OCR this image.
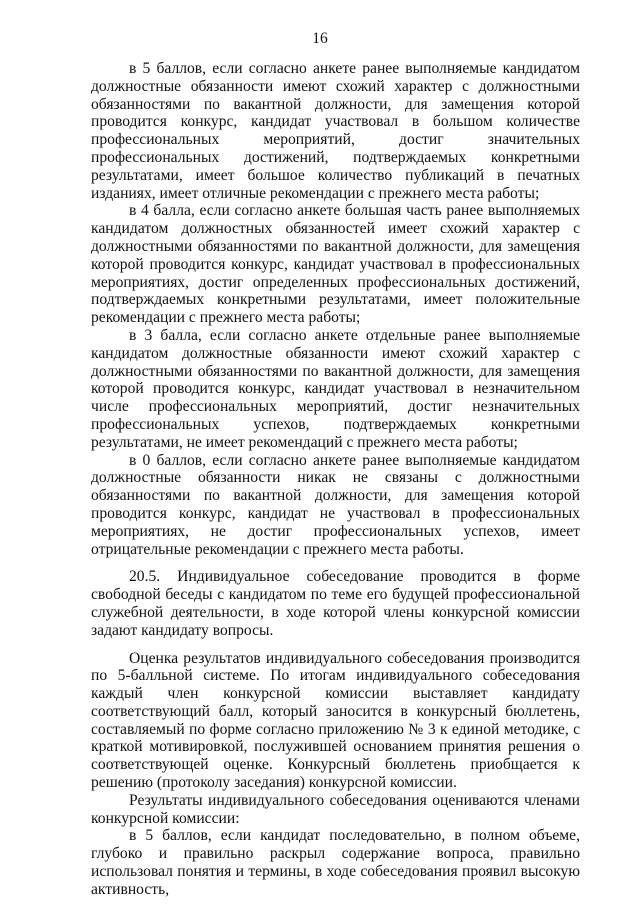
16

в 5 баллов, если согласно анкете ранее выполняемые кандидатом должностные обязанности имеют схожий характер с должностными обязанностями по вакантной должности, для замещения которой проводится конкурс, кандидат участвовал в большом количестве профессиональных мероприятий, достиг значительных профессиональных достижений, подтверждаемых конкретными результатами, имеет большое количество публикаций в печатных изданиях, имеет отличные рекомендации с прежнего места работы;

в 4 балла, если согласно анкете большая часть ранее выполняемых кандидатом должностных обязанностей имеет схожий характер с должностными обязанностями по вакантной должности, для замещения которой проводится конкурс, кандидат участвовал в профессиональных мероприятиях, достиг определенных профессиональных достижений, подтверждаемых конкретными результатами, имеет положительные рекомендации с прежнего места работы;

в 3 балла, если согласно анкете отдельные ранее выполняемые кандидатом должностные обязанности имеют схожий характер с должностными обязанностями по вакантной должности, для замещения которой проводится конкурс, кандидат участвовал в незначительном числе профессиональных мероприятий, достиг незначительных профессиональных успехов, подтверждаемых конкретными результатами, не имеет рекомендаций с прежнего места работы;

в 0 баллов, если согласно анкете ранее выполняемые кандидатом должностные обязанности никак не связаны с должностными обязанностями по вакантной должности, для замещения которой проводится конкурс, кандидат не участвовал в профессиональных мероприятиях, не достиг профессиональных успехов, имеет отрицательные рекомендации с прежнего места работы.

20.5. Индивидуальное собеседование проводится в форме свободной беседы с кандидатом по теме его будущей профессиональной служебной деятельности, в ходе которой члены конкурсной комиссии задают кандидату вопросы.

Оценка результатов индивидуального собеседования производится по 5-балльной системе. По итогам индивидуального собеседования каждый член конкурсной комиссии выставляет кандидату соответствующий балл, который заносится в конкурсный бюллетень, составляемый по форме согласно приложению № 3 к единой методике, с краткой мотивировкой, послужившей основанием принятия решения о соответствующей оценке. Конкурсный бюллетень приобщается к решению (протоколу заседания) конкурсной комиссии.

Результаты индивидуального собеседования оцениваются членами конкурсной комиссии:

в 5 баллов, если кандидат последовательно, в полном объеме, глубоко и правильно раскрыл содержание вопроса, правильно использовал понятия и термины, в ходе собеседования проявил высокую активность,
